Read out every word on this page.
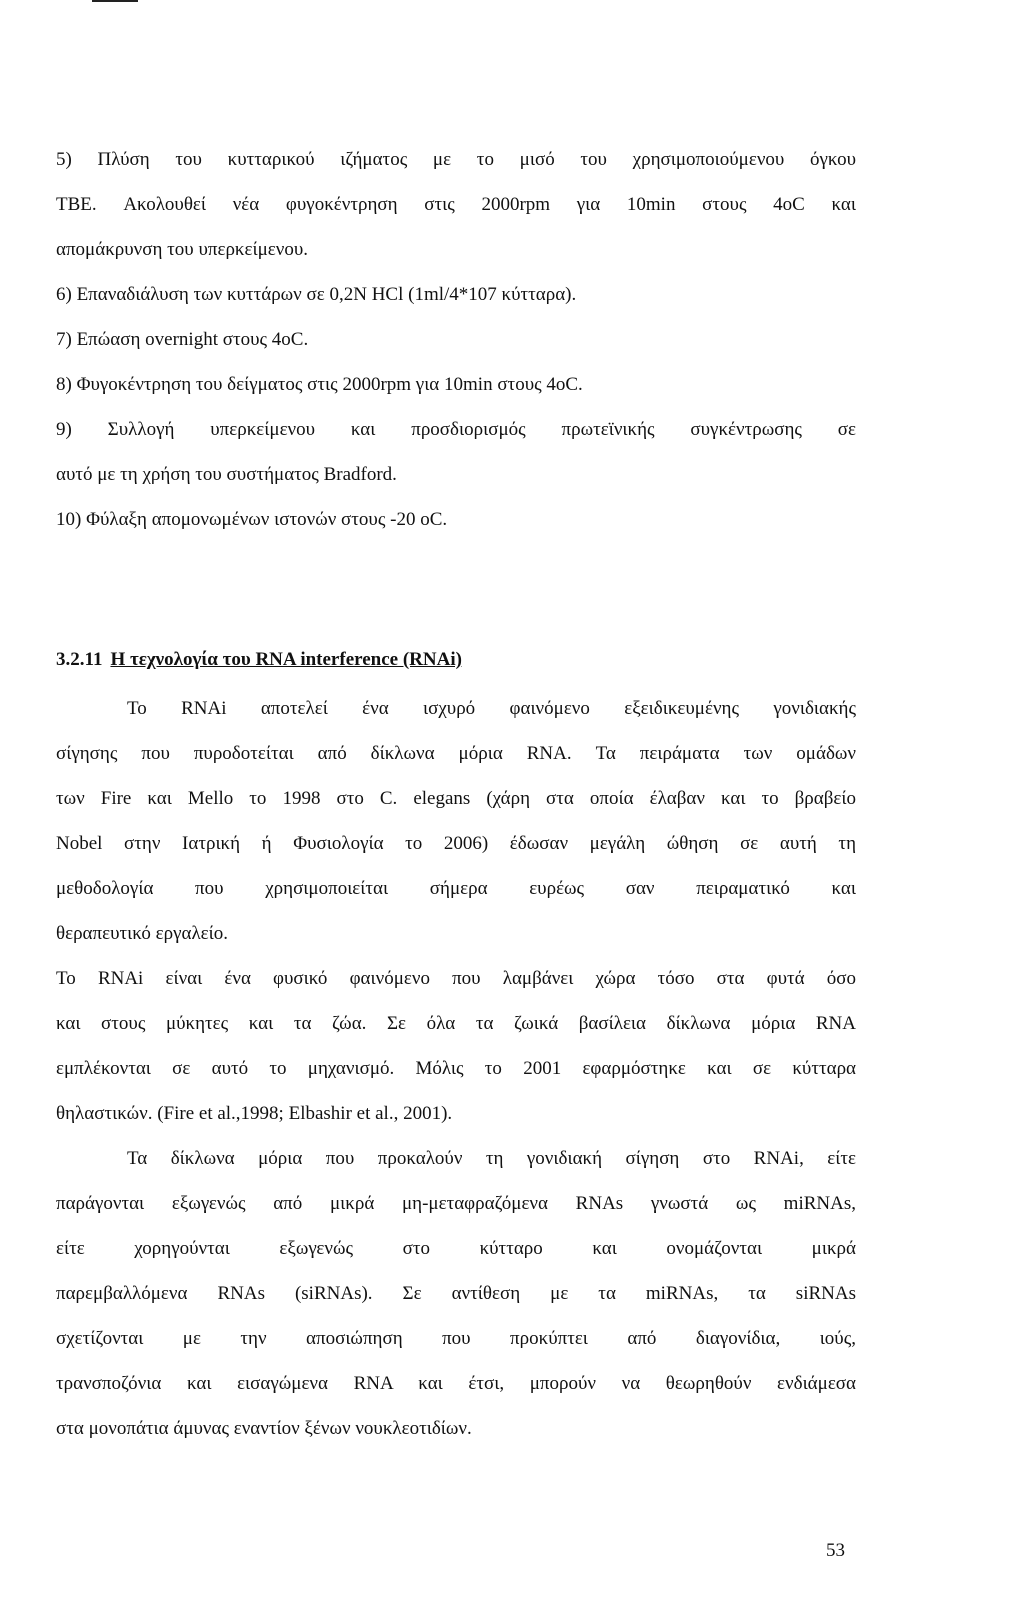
5) Πλύση του κυτταρικού ιζήματος με το μισό του χρησιμοποιούμενου όγκου
TBE. Ακολουθεί νέα φυγοκέντρηση στις 2000rpm για 10min στους 4οC και
απομάκρυνση του υπερκείμενου.
6) Επαναδιάλυση των κυττάρων σε 0,2N HCl (1ml/4*107 κύτταρα).
7) Επώαση overnight στους 4οC.
8) Φυγοκέντρηση του δείγματος στις 2000rpm για 10min στους 4οC.
9) Συλλογή υπερκείμενου και προσδιορισμός πρωτεϊνικής συγκέντρωσης σε
αυτό με τη χρήση του συστήματος Bradford.
10) Φύλαξη απομονωμένων ιστονών στους -20 οC.
3.2.11 Η τεχνολογία του RNA interference (RNAi)
Το RNAi αποτελεί ένα ισχυρό φαινόμενο εξειδικευμένης γονιδιακής
σίγησης που πυροδοτείται από δίκλωνα μόρια RNA. Τα πειράματα των ομάδων
των Fire και Mello το 1998 στο C. elegans (χάρη στα οποία έλαβαν και το βραβείο
Nobel στην Ιατρική ή Φυσιολογία το 2006) έδωσαν μεγάλη ώθηση σε αυτή τη
μεθοδολογία που χρησιμοποιείται σήμερα ευρέως σαν πειραματικό και
θεραπευτικό εργαλείο.
Το RNAi είναι ένα φυσικό φαινόμενο που λαμβάνει χώρα τόσο στα φυτά όσο
και στους μύκητες και τα ζώα. Σε όλα τα ζωικά βασίλεια δίκλωνα μόρια RNA
εμπλέκονται σε αυτό το μηχανισμό. Μόλις το 2001 εφαρμόστηκε και σε κύτταρα
θηλαστικών. (Fire et al.,1998; Elbashir et al., 2001).
Τα δίκλωνα μόρια που προκαλούν τη γονιδιακή σίγηση στο RNAi, είτε
παράγονται εξωγενώς από μικρά μη-μεταφραζόμενα RNAs γνωστά ως miRNAs,
είτε χορηγούνται εξωγενώς στο κύτταρο και ονομάζονται μικρά
παρεμβαλλόμενα RNAs (siRNAs). Σε αντίθεση με τα miRNAs, τα siRNAs
σχετίζονται με την αποσιώπηση που προκύπτει από διαγονίδια, ιούς,
τρανσποζόνια και εισαγώμενα RNA και έτσι, μπορούν να θεωρηθούν ενδιάμεσα
στα μονοπάτια άμυνας εναντίον ξένων νουκλεοτιδίων.
53
